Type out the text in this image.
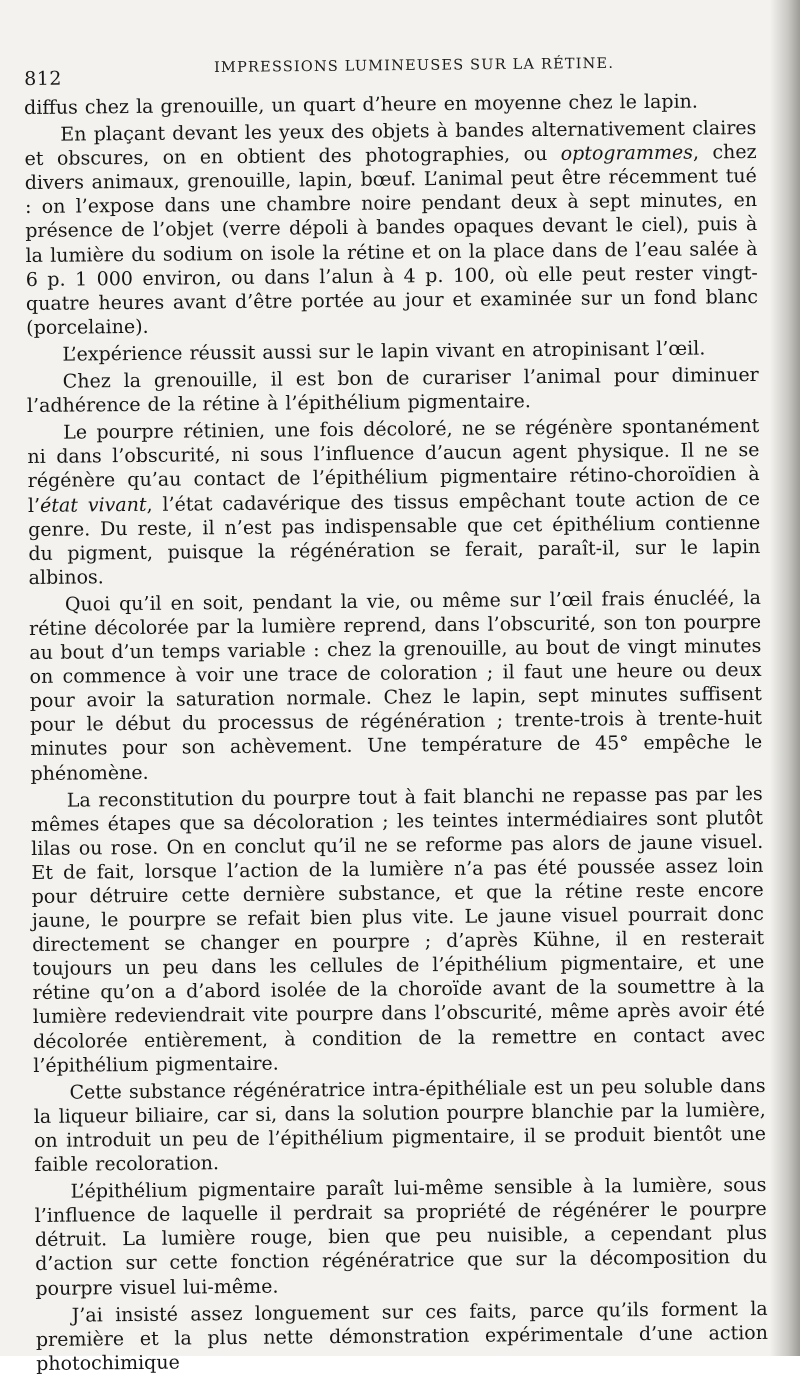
812
IMPRESSIONS LUMINEUSES SUR LA RÉTINE.

diffus chez la grenouille, un quart d’heure en moyenne chez le lapin.

En plaçant devant les yeux des objets à bandes alternativement claires et obscures, on en obtient des photographies, ou optogrammes, chez divers animaux, grenouille, lapin, bœuf. L’animal peut être récemment tué : on l’expose dans une chambre noire pendant deux à sept minutes, en présence de l’objet (verre dépoli à bandes opaques devant le ciel), puis à la lumière du sodium on isole la rétine et on la place dans de l’eau salée à 6 p. 1 000 environ, ou dans l’alun à 4 p. 100, où elle peut rester vingt-quatre heures avant d’être portée au jour et examinée sur un fond blanc (porcelaine).

L’expérience réussit aussi sur le lapin vivant en atropinisant l’œil.

Chez la grenouille, il est bon de curariser l’animal pour diminuer l’adhérence de la rétine à l’épithélium pigmentaire.

Le pourpre rétinien, une fois décoloré, ne se régénère spontanément ni dans l’obscurité, ni sous l’influence d’aucun agent physique. Il ne se régénère qu’au contact de l’épithélium pigmentaire rétino-choroïdien à l’état vivant, l’état cadavérique des tissus empêchant toute action de ce genre. Du reste, il n’est pas indispensable que cet épithélium contienne du pigment, puisque la régénération se ferait, paraît-il, sur le lapin albinos.

Quoi qu’il en soit, pendant la vie, ou même sur l’œil frais énucléé, la rétine décolorée par la lumière reprend, dans l’obscurité, son ton pourpre au bout d’un temps variable : chez la grenouille, au bout de vingt minutes on commence à voir une trace de coloration ; il faut une heure ou deux pour avoir la saturation normale. Chez le lapin, sept minutes suffisent pour le début du processus de régénération ; trente-trois à trente-huit minutes pour son achèvement. Une température de 45° empêche le phénomène.

La reconstitution du pourpre tout à fait blanchi ne repasse pas par les mêmes étapes que sa décoloration ; les teintes intermédiaires sont plutôt lilas ou rose. On en conclut qu’il ne se reforme pas alors de jaune visuel. Et de fait, lorsque l’action de la lumière n’a pas été poussée assez loin pour détruire cette dernière substance, et que la rétine reste encore jaune, le pourpre se refait bien plus vite. Le jaune visuel pourrait donc directement se changer en pourpre ; d’après Kühne, il en resterait toujours un peu dans les cellules de l’épithélium pigmentaire, et une rétine qu’on a d’abord isolée de la choroïde avant de la soumettre à la lumière redeviendrait vite pourpre dans l’obscurité, même après avoir été décolorée entièrement, à condition de la remettre en contact avec l’épithélium pigmentaire.

Cette substance régénératrice intra-épithéliale est un peu soluble dans la liqueur biliaire, car si, dans la solution pourpre blanchie par la lumière, on introduit un peu de l’épithélium pigmentaire, il se produit bientôt une faible recoloration.

L’épithélium pigmentaire paraît lui-même sensible à la lumière, sous l’influence de laquelle il perdrait sa propriété de régénérer le pourpre détruit. La lumière rouge, bien que peu nuisible, a cependant plus d’action sur cette fonction régénératrice que sur la décomposition du pourpre visuel lui-même.

J’ai insisté assez longuement sur ces faits, parce qu’ils forment la première et la plus nette démonstration expérimentale d’une action photochimique
